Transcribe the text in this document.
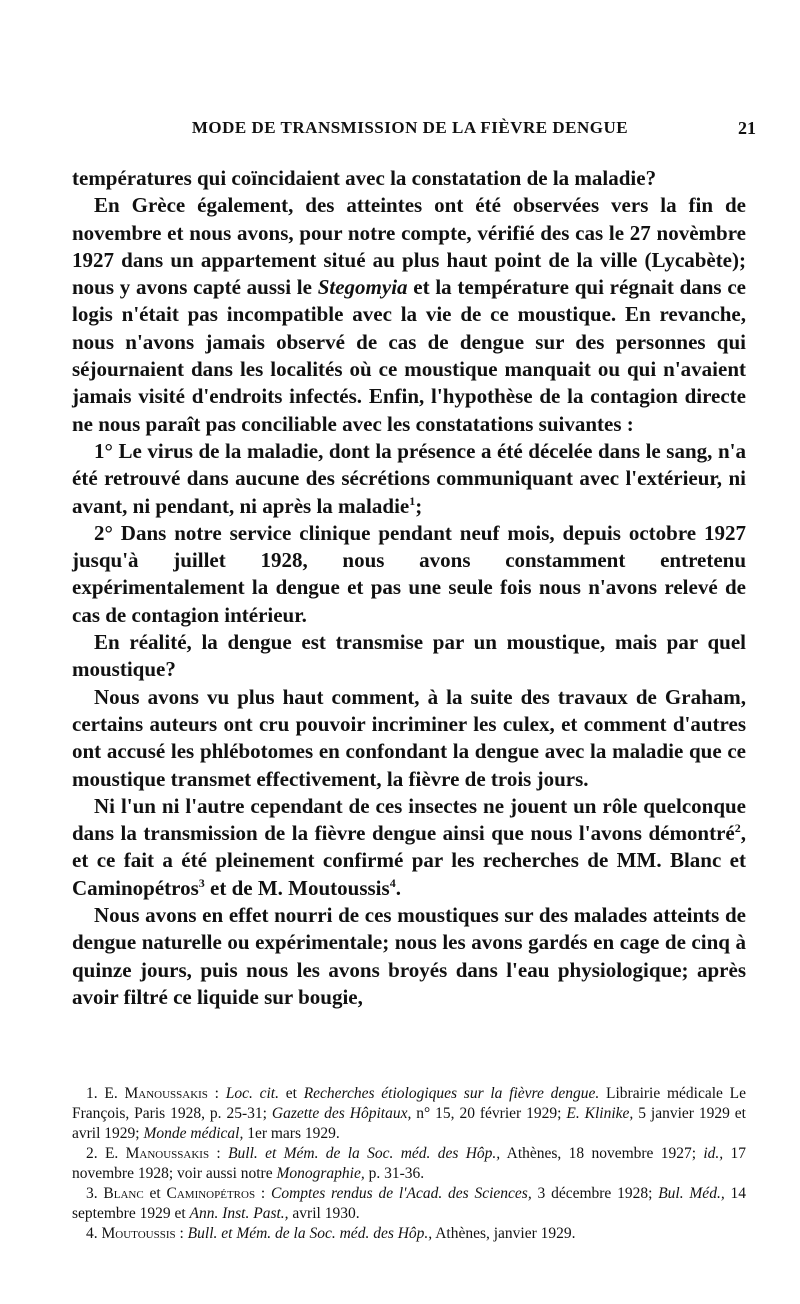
MODE DE TRANSMISSION DE LA FIÈVRE DENGUE	21

températures qui coïncidaient avec la constatation de la maladie?

En Grèce également, des atteintes ont été observées vers la fin de novembre et nous avons, pour notre compte, vérifié des cas le 27 novèmbre 1927 dans un appartement situé au plus haut point de la ville (Lycabète); nous y avons capté aussi le Stegomyia et la température qui régnait dans ce logis n'était pas incompatible avec la vie de ce moustique. En revanche, nous n'avons jamais observé de cas de dengue sur des personnes qui séjournaient dans les localités où ce moustique manquait ou qui n'avaient jamais visité d'endroits infectés. Enfin, l'hypothèse de la contagion directe ne nous paraît pas conciliable avec les constatations suivantes :

1° Le virus de la maladie, dont la présence a été décelée dans le sang, n'a été retrouvé dans aucune des sécrétions communiquant avec l'extérieur, ni avant, ni pendant, ni après la maladie$^1$;

2° Dans notre service clinique pendant neuf mois, depuis octobre 1927 jusqu'à juillet 1928, nous avons constamment entretenu expérimentalement la dengue et pas une seule fois nous n'avons relevé de cas de contagion intérieur.

En réalité, la dengue est transmise par un moustique, mais par quel moustique?

Nous avons vu plus haut comment, à la suite des travaux de Graham, certains auteurs ont cru pouvoir incriminer les culex, et comment d'autres ont accusé les phlébotomes en confondant la dengue avec la maladie que ce moustique transmet effectivement, la fièvre de trois jours.

Ni l'un ni l'autre cependant de ces insectes ne jouent un rôle quelconque dans la transmission de la fièvre dengue ainsi que nous l'avons démontré$^2$, et ce fait a été pleinement confirmé par les recherches de MM. Blanc et Caminopétros$^3$ et de M. Moutoussis$^4$.

Nous avons en effet nourri de ces moustiques sur des malades atteints de dengue naturelle ou expérimentale; nous les avons gardés en cage de cinq à quinze jours, puis nous les avons broyés dans l'eau physiologique; après avoir filtré ce liquide sur bougie,

1. E. Manoussakis : Loc. cit. et Recherches étiologiques sur la fièvre dengue. Librairie médicale Le François, Paris 1928, p. 25-31; Gazette des Hôpitaux, n° 15, 20 février 1929; E. Klinike, 5 janvier 1929 et avril 1929; Monde médical, 1er mars 1929.

2. E. Manoussakis : Bull. et Mém. de la Soc. méd. des Hôp., Athènes, 18 novembre 1927; id., 17 novembre 1928; voir aussi notre Monographie, p. 31-36.

3. Blanc et Caminopétros : Comptes rendus de l'Acad. des Sciences, 3 décembre 1928; Bul. Méd., 14 septembre 1929 et Ann. Inst. Past., avril 1930.

4. Moutoussis : Bull. et Mém. de la Soc. méd. des Hôp., Athènes, janvier 1929.
